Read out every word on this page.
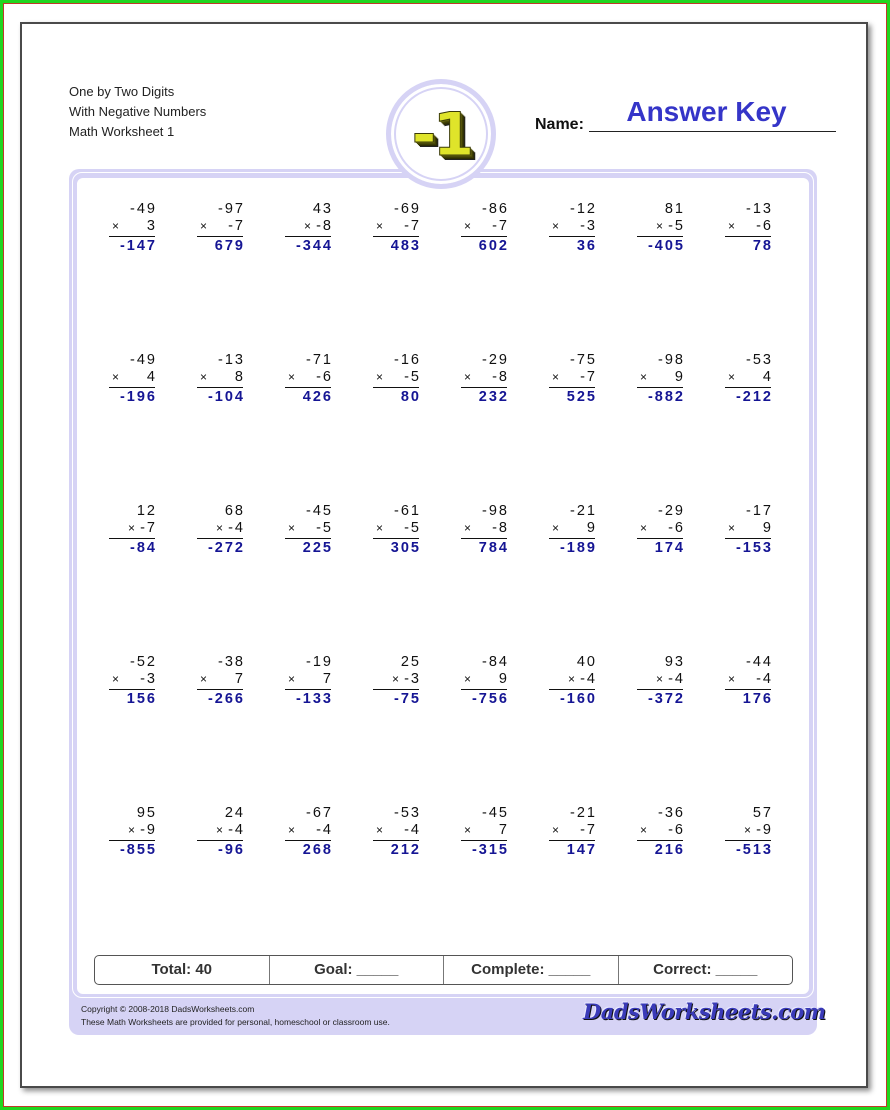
One by Two Digits
With Negative Numbers
Math Worksheet 1	-1	Name:	Answer Key
-49
× 3
-147
-97
× -7
679
43
× -8
-344
-69
× -7
483
-86
× -7
602
-12
× -3
36
81
× -5
-405
-13
× -6
78
-49
× 4
-196
-13
× 8
-104
-71
× -6
426
-16
× -5
80
-29
× -8
232
-75
× -7
525
-98
× 9
-882
-53
× 4
-212
12
× -7
-84
68
× -4
-272
-45
× -5
225
-61
× -5
305
-98
× -8
784
-21
× 9
-189
-29
× -6
174
-17
× 9
-153
-52
× -3
156
-38
× 7
-266
-19
× 7
-133
25
× -3
-75
-84
× 9
-756
40
× -4
-160
93
× -4
-372
-44
× -4
176
95
× -9
-855
24
× -4
-96
-67
× -4
268
-53
× -4
212
-45
× 7
-315
-21
× -7
147
-36
× -6
216
57
× -9
-513
Total: 40	Goal: _____	Complete: _____	Correct: _____
Copyright © 2008-2018 DadsWorksheets.com
These Math Worksheets are provided for personal, homeschool or classroom use.	DadsWorksheets.com
